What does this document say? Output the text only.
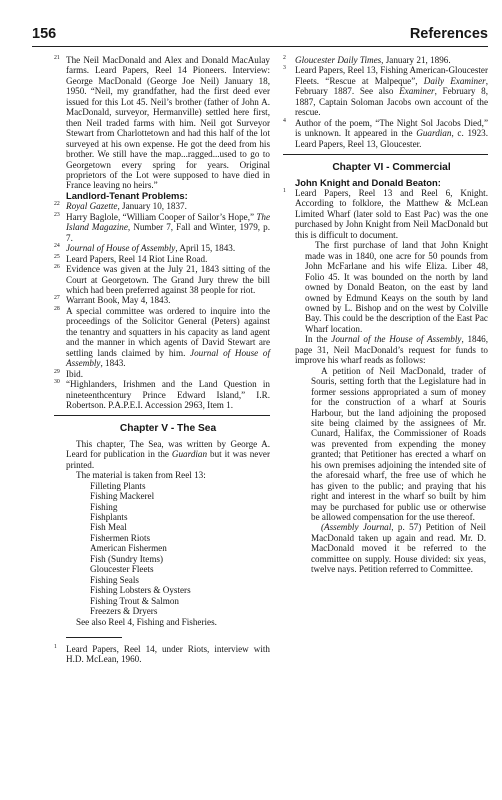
156	References

21 The Neil MacDonald and Alex and Donald MacAulay farms. Leard Papers, Reel 14 Pioneers. Interview: George MacDonald (George Joe Neil) January 18, 1950. “Neil, my grandfather, had the first deed ever issued for this Lot 45. Neil’s brother (father of John A. MacDonald, surveyor, Hermanville) settled here first, then Neil traded farms with him. Neil got Surveyor Stewart from Charlottetown and had this half of the lot surveyed at his own expense. He got the deed from his brother. We still have the map...ragged...used to go to Georgetown every spring for years. Original proprietors of the Lot were supposed to have died in France leaving no heirs.”

Landlord-Tenant Problems:

22 Royal Gazette, January 10, 1837.

23 Harry Baglole, “William Cooper of Sailor’s Hope,” The Island Magazine, Number 7, Fall and Winter, 1979, p. 7.

24 Journal of House of Assembly, April 15, 1843.

25 Leard Papers, Reel 14 Riot Line Road.

26 Evidence was given at the July 21, 1843 sitting of the Court at Georgetown. The Grand Jury threw the bill which had been preferred against 38 people for riot.

27 Warrant Book, May 4, 1843.

28 A special committee was ordered to inquire into the proceedings of the Solicitor General (Peters) against the tenantry and squatters in his capacity as land agent and the manner in which agents of David Stewart are settling lands claimed by him. Journal of House of Assembly, 1843.

29 Ibid.

30 “Highlanders, Irishmen and the Land Question in nineteenthcentury Prince Edward Island,” I.R. Robertson. P.A.P.E.I. Accession 2963, Item 1.

Chapter V - The Sea

This chapter, The Sea, was written by George A. Leard for publication in the Guardian but it was never printed.

The material is taken from Reel 13:

Filleting Plants
Fishing Mackerel
Fishing
Fishplants
Fish Meal
Fishermen Riots
American Fishermen
Fish (Sundry Items)
Gloucester Fleets
Fishing Seals
Fishing Lobsters & Oysters
Fishing Trout & Salmon
Freezers & Dryers

See also Reel 4, Fishing and Fisheries.

1 Leard Papers, Reel 14, under Riots, interview with H.D. McLean, 1960.

2 Gloucester Daily Times, January 21, 1896.

3 Leard Papers, Reel 13, Fishing American-Gloucester Fleets. “Rescue at Malpeque”, Daily Examiner, February 1887. See also Examiner, February 8, 1887, Captain Soloman Jacobs own account of the rescue.

4 Author of the poem, “The Night Sol Jacobs Died,” is unknown. It appeared in the Guardian, c. 1923. Leard Papers, Reel 13, Gloucester.

Chapter VI - Commercial

John Knight and Donald Beaton:

1 Leard Papers, Reel 13 and Reel 6, Knight. According to folklore, the Matthew & McLean Limited Wharf (later sold to East Pac) was the one purchased by John Knight from Neil MacDonald but this is difficult to document.

The first purchase of land that John Knight made was in 1840, one acre for 50 pounds from John McFarlane and his wife Eliza. Liber 48, Folio 45. It was bounded on the north by land owned by Donald Beaton, on the east by land owned by Edmund Keays on the south by land owned by L. Bishop and on the west by Colville Bay. This could be the description of the East Pac Wharf location.

In the Journal of the House of Assembly, 1846, page 31, Neil MacDonald’s request for funds to improve his wharf reads as follows:

A petition of Neil MacDonald, trader of Souris, setting forth that the Legislature had in former sessions appropriated a sum of money for the construction of a wharf at Souris Harbour, but the land adjoining the proposed site being claimed by the assignees of Mr. Cunard, Halifax, the Commissioner of Roads was prevented from expending the money granted; that Petitioner has erected a wharf on his own premises adjoining the intended site of the aforesaid wharf, the free use of which he has given to the public; and praying that his right and interest in the wharf so built by him may be purchased for public use or otherwise be allowed compensation for the use thereof.

(Assembly Journal, p. 57) Petition of Neil MacDonald taken up again and read. Mr. D. MacDonald moved it be referred to the committee on supply. House divided: six yeas, twelve nays. Petition referred to Committee.
